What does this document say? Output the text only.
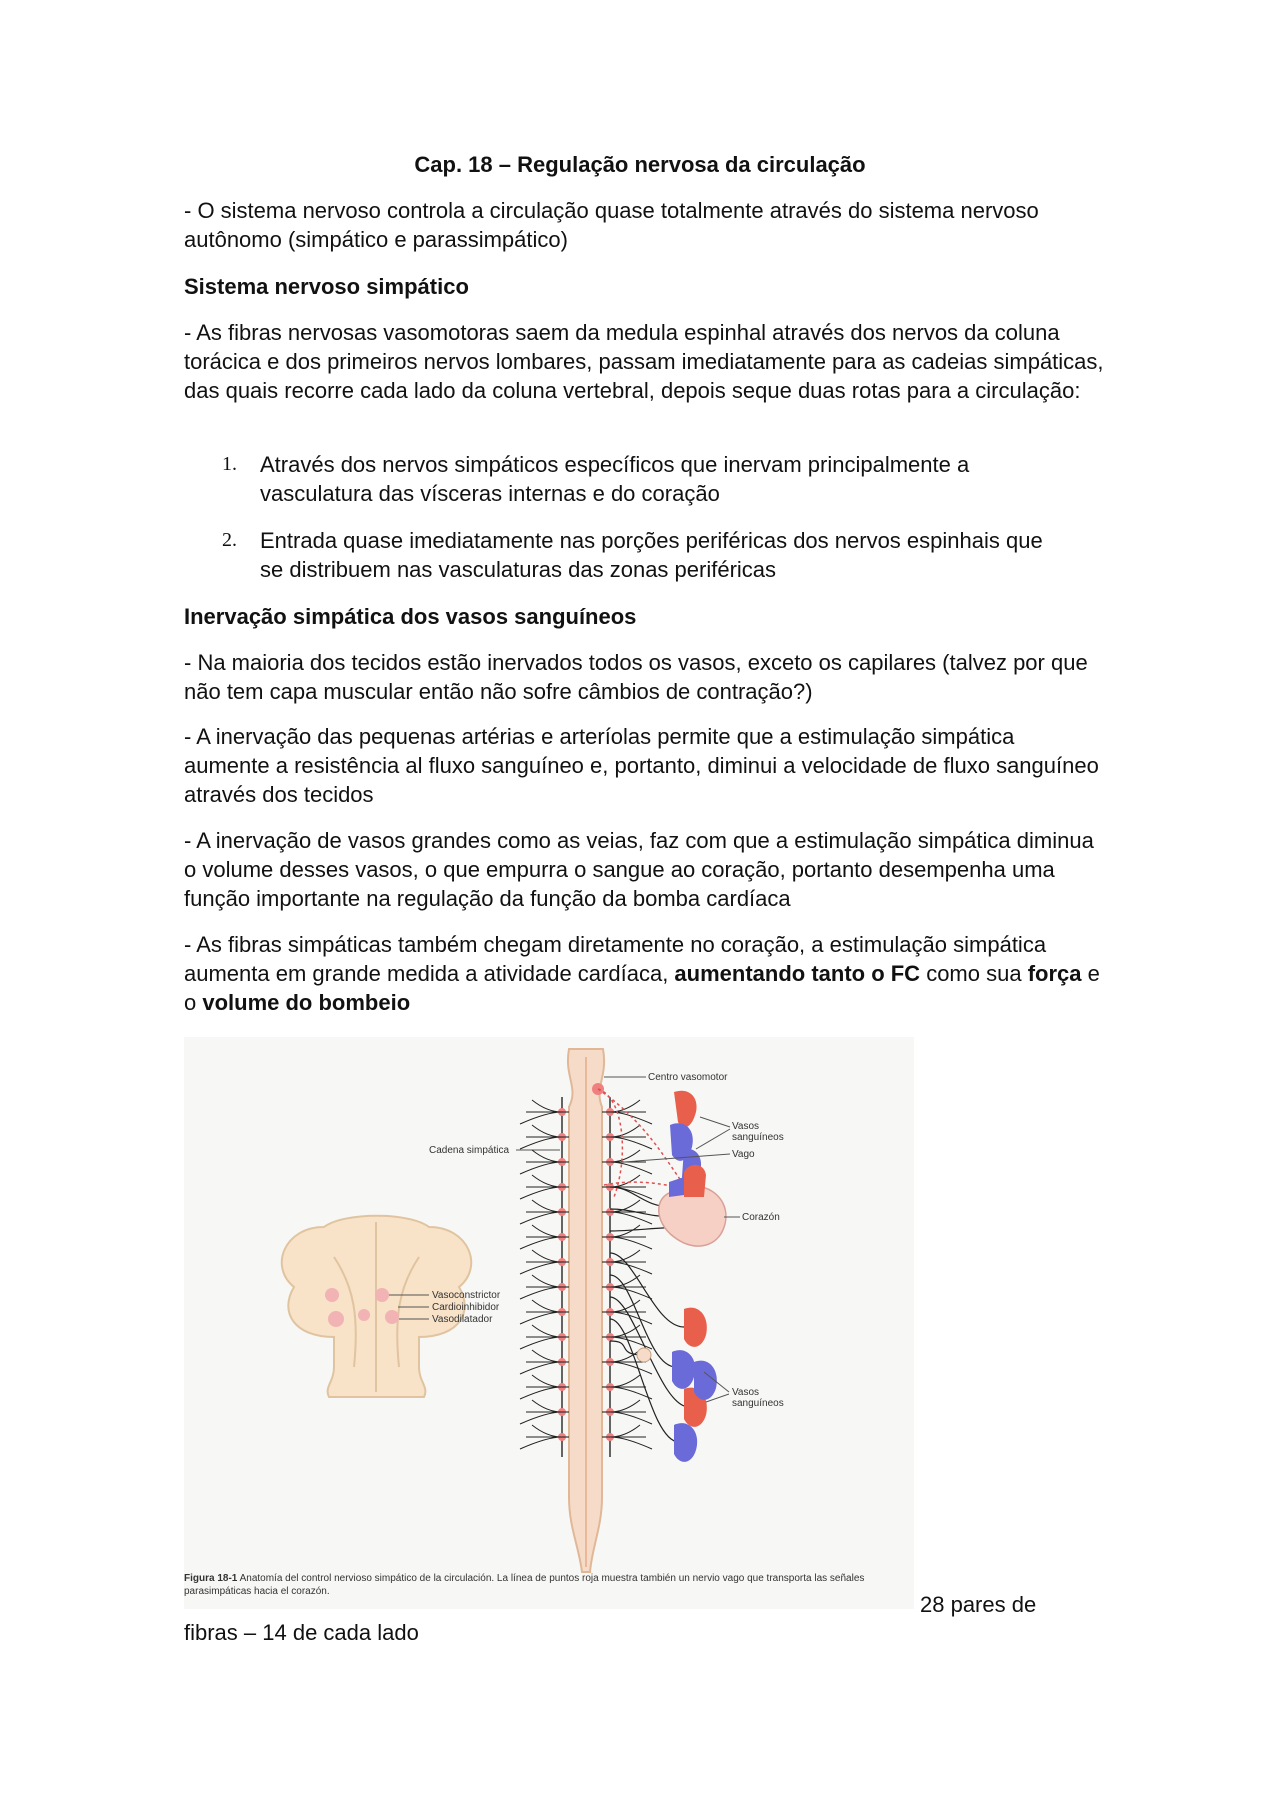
Cap. 18 – Regulação nervosa da circulação

- O sistema nervoso controla a circulação quase totalmente através do sistema nervoso autônomo (simpático e parassimpático)

Sistema nervoso simpático

- As fibras nervosas vasomotoras saem da medula espinhal através dos nervos da coluna torácica e dos primeiros nervos lombares, passam imediatamente para as cadeias simpáticas, das quais recorre cada lado da coluna vertebral, depois seque duas rotas para a circulação:

1.	Através dos nervos simpáticos específicos que inervam principalmente a vasculatura das vísceras internas e do coração
2.	Entrada quase imediatamente nas porções periféricas dos nervos espinhais que se distribuem nas vasculaturas das zonas periféricas

Inervação simpática dos vasos sanguíneos

- Na maioria dos tecidos estão inervados todos os vasos, exceto os capilares (talvez por que não tem capa muscular então não sofre câmbios de contração?)

- A inervação das pequenas artérias e arteríolas permite que a estimulação simpática aumente a resistência al fluxo sanguíneo e, portanto, diminui a velocidade de fluxo sanguíneo através dos tecidos

- A inervação de vasos grandes como as veias, faz com que a estimulação simpática diminua o volume desses vasos, o que empurra o sangue ao coração, portanto desempenha uma função importante na regulação da função da bomba cardíaca

- As fibras simpáticas também chegam diretamente no coração, a estimulação simpática aumenta em grande medida a atividade cardíaca, aumentando tanto o FC como sua força e o volume do bombeio

Vasoconstrictor
Cardioinhibidor
Vasodilatador
Cadena simpática
Centro vasomotor
Vasos
sanguíneos
Vago
Corazón
Vasos
sanguíneos
Figura 18-1 Anatomía del control nervioso simpático de la circulación. La línea de puntos roja muestra también un nervio vago que transporta las señales parasimpáticas hacia el corazón.
28 pares de
fibras – 14 de cada lado
